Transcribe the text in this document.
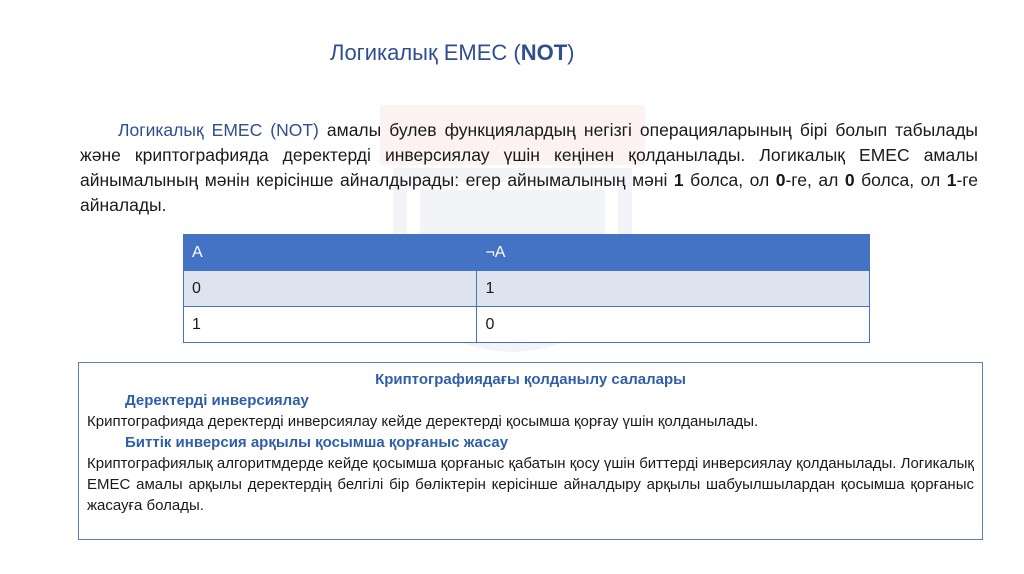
Логикалық ЕМЕС (NOT)
Логикалық ЕМЕС (NOT) амалы булев функциялардың негізгі операцияларының бірі болып табылады және криптографияда деректерді инверсиялау үшін кеңінен қолданылады. Логикалық ЕМЕС амалы айнымалының мәнін керісінше айналдырады: егер айнымалының мәні 1 болса, ол 0-ге, ал 0 болса, ол 1-ге айналады.
A	¬A
0	1
1	0
Криптографиядағы қолданылу салалары
Деректерді инверсиялау
Криптографияда деректерді инверсиялау кейде деректерді қосымша қорғау үшін қолданылады.
Биттік инверсия арқылы қосымша қорғаныс жасау
Криптографиялық алгоритмдерде кейде қосымша қорғаныс қабатын қосу үшін биттерді инверсиялау қолданылады. Логикалық ЕМЕС амалы арқылы деректердің белгілі бір бөліктерін керісінше айналдыру арқылы шабуылшылардан қосымша қорғаныс жасауға болады.
